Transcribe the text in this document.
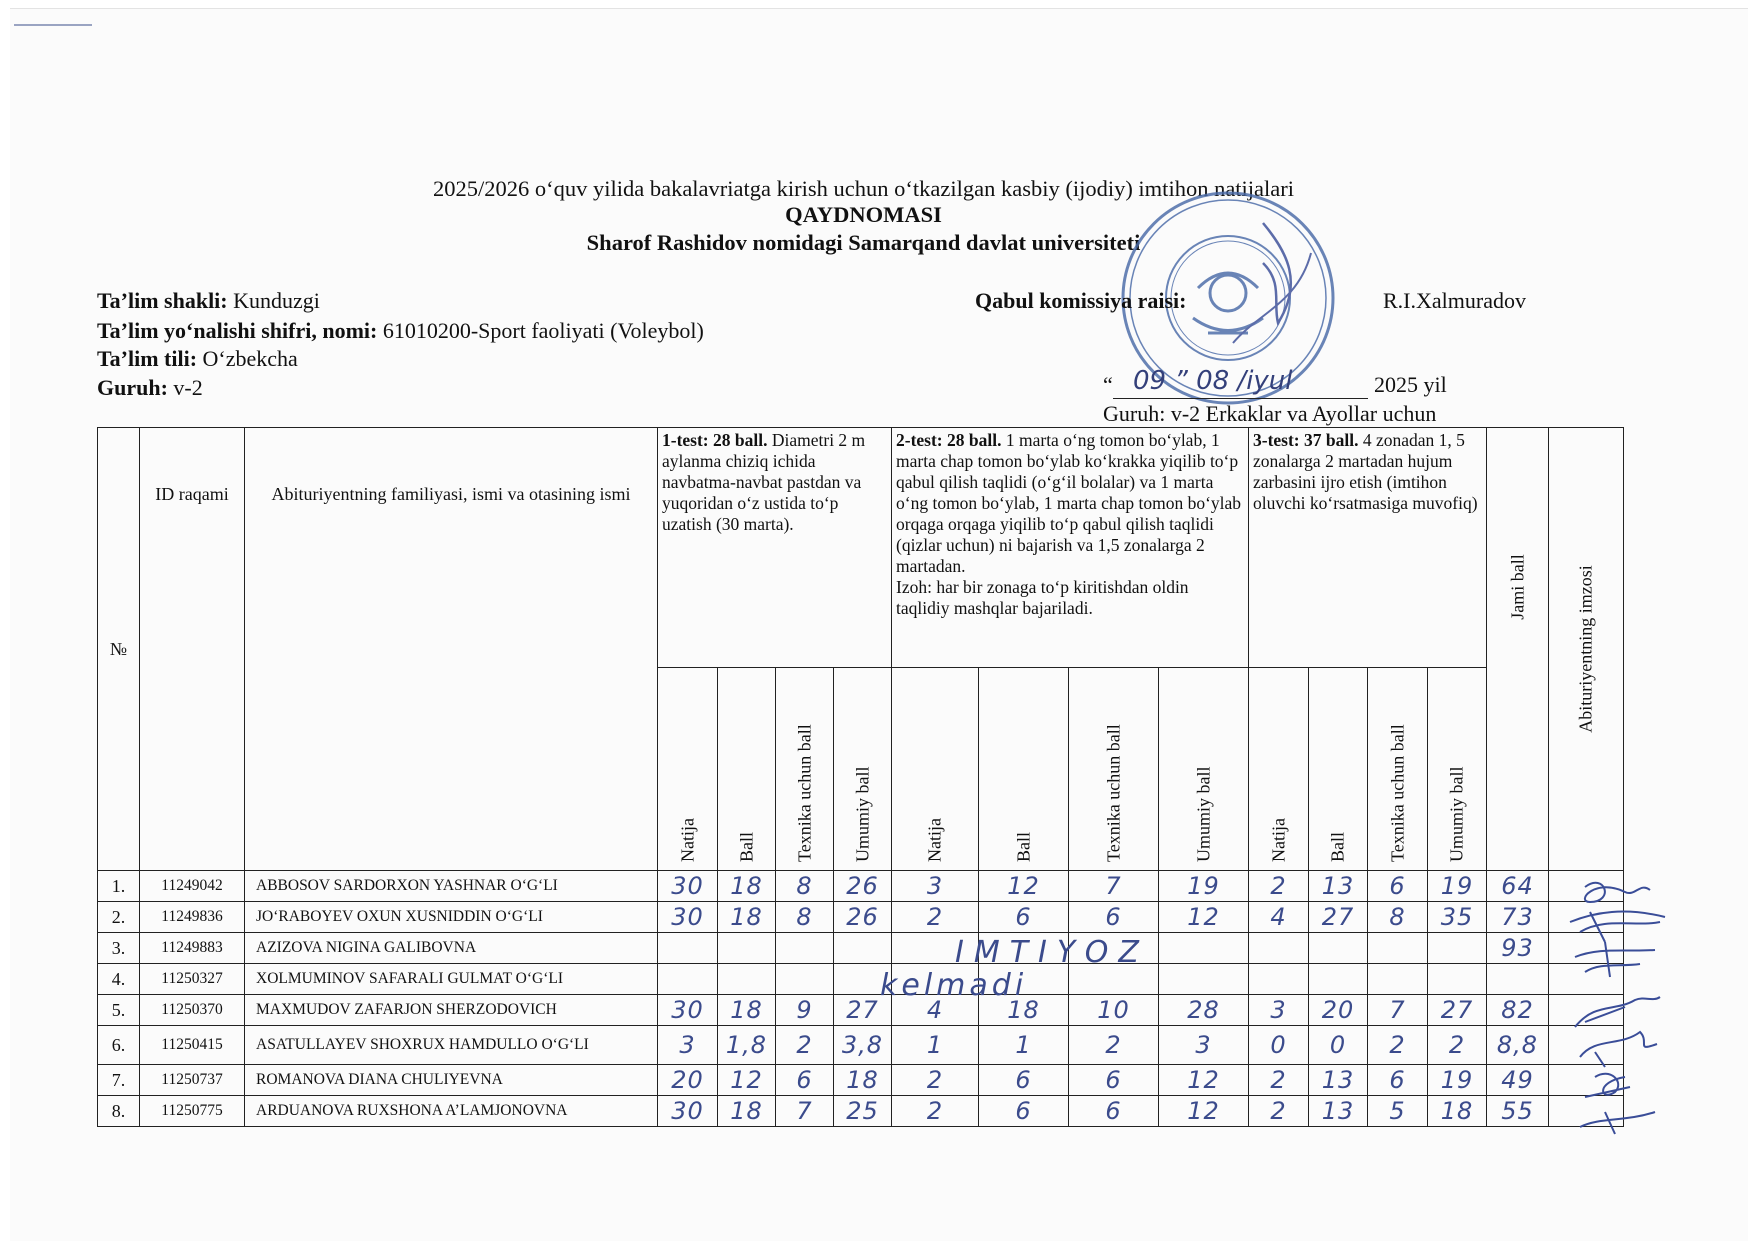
2025/2026 oʻquv yilida bakalavriatga kirish uchun oʻtkazilgan kasbiy (ijodiy) imtihon natijalari
QAYDNOMASI
Sharof Rashidov nomidagi Samarqand davlat universiteti
Ta’lim shakli: Kunduzgi
Ta’lim yoʻnalishi shifri, nomi: 61010200-Sport faoliyati (Voleybol)
Ta’lim tili: Oʻzbekcha
Guruh: v-2
Qabul komissiya raisi:	R.I.Xalmuradov
“ 09 ” 08 /iyul	2025 yil
Guruh: v-2 Erkaklar va Ayollar uchun
№	ID raqami	Abituriyentning familiyasi, ismi va otasining ismi	1-test: 28 ball. Diametri 2 m aylanma chiziq ichida navbatma-navbat pastdan va yuqoridan oʻz ustida toʻp uzatish (30 marta).				2-test: 28 ball. 1 marta oʻng tomon boʻylab, 1 marta chap tomon boʻylab koʻkrakka yiqilib toʻp qabul qilish taqlidi (oʻgʻil bolalar) va 1 marta oʻng tomon boʻylab, 1 marta chap tomon boʻylab orqaga orqaga yiqilib toʻp qabul qilish taqlidi (qizlar uchun) ni bajarish va 1,5 zonalarga 2 martadan.
Izoh: har bir zonaga toʻp kiritishdan oldin taqlidiy mashqlar bajariladi.				3-test: 37 ball. 4 zonadan 1, 5 zonalarga 2 martadan hujum zarbasini ijro etish (imtihon oluvchi koʻrsatmasiga muvofiq)				Jami ball	Abituriyentning imzosi

			Natija	Ball	Texnika uchun ball	Umumiy ball	Natija	Ball	Texnika uchun ball	Umumiy ball	Natija	Ball	Texnika uchun ball	Umumiy ball		

1.	11249042	ABBOSOV SARDORXON YASHNAR OʻGʻLI	30	18	8	26	3	12	7	19	2	13	6	19	64	
2.	11249836	JOʻRABOYEV OXUN XUSNIDDIN OʻGʻLI	30	18	8	26	2	6	6	12	4	27	8	35	73	
3.	11249883	AZIZOVA NIGINA GALIBOVNA													93	
4.	11250327	XOLMUMINOV SAFARALI GULMAT OʻGʻLI														
5.	11250370	MAXMUDOV ZAFARJON SHERZODOVICH	30	18	9	27	4	18	10	28	3	20	7	27	82	
6.	11250415	ASATULLAYEV SHOXRUX HAMDULLO OʻGʻLI	3	1,8	2	3,8	1	1	2	3	0	0	2	2	8,8	
7.	11250737	ROMANOVA DIANA CHULIYEVNA	20	12	6	18	2	6	6	12	2	13	6	19	49	
8.	11250775	ARDUANOVA RUXSHONA A’LAMJONOVNA	30	18	7	25	2	6	6	12	2	13	5	18	55	
IMTIYOZ
kelmadi
